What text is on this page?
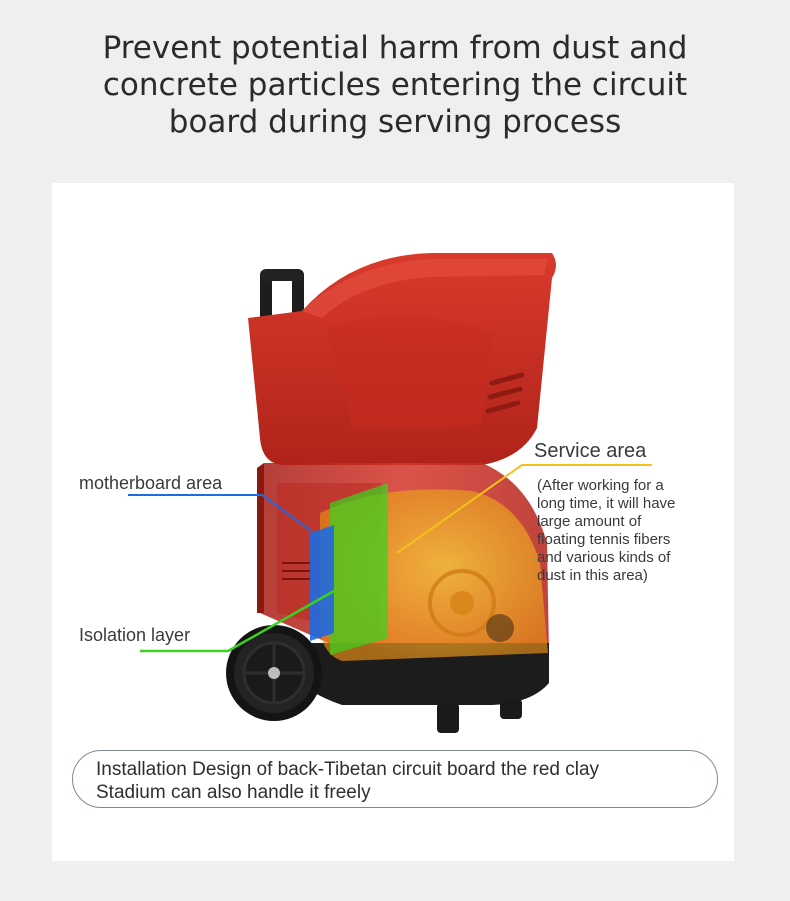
Prevent potential harm from dust and
concrete particles entering the circuit
board during serving process
motherboard area
Isolation layer
Service area
(After working for a
long time, it will have
large amount of
floating tennis fibers
and various kinds of
dust in this area)
Installation Design of back-Tibetan circuit board the red clay
Stadium can also handle it freely
